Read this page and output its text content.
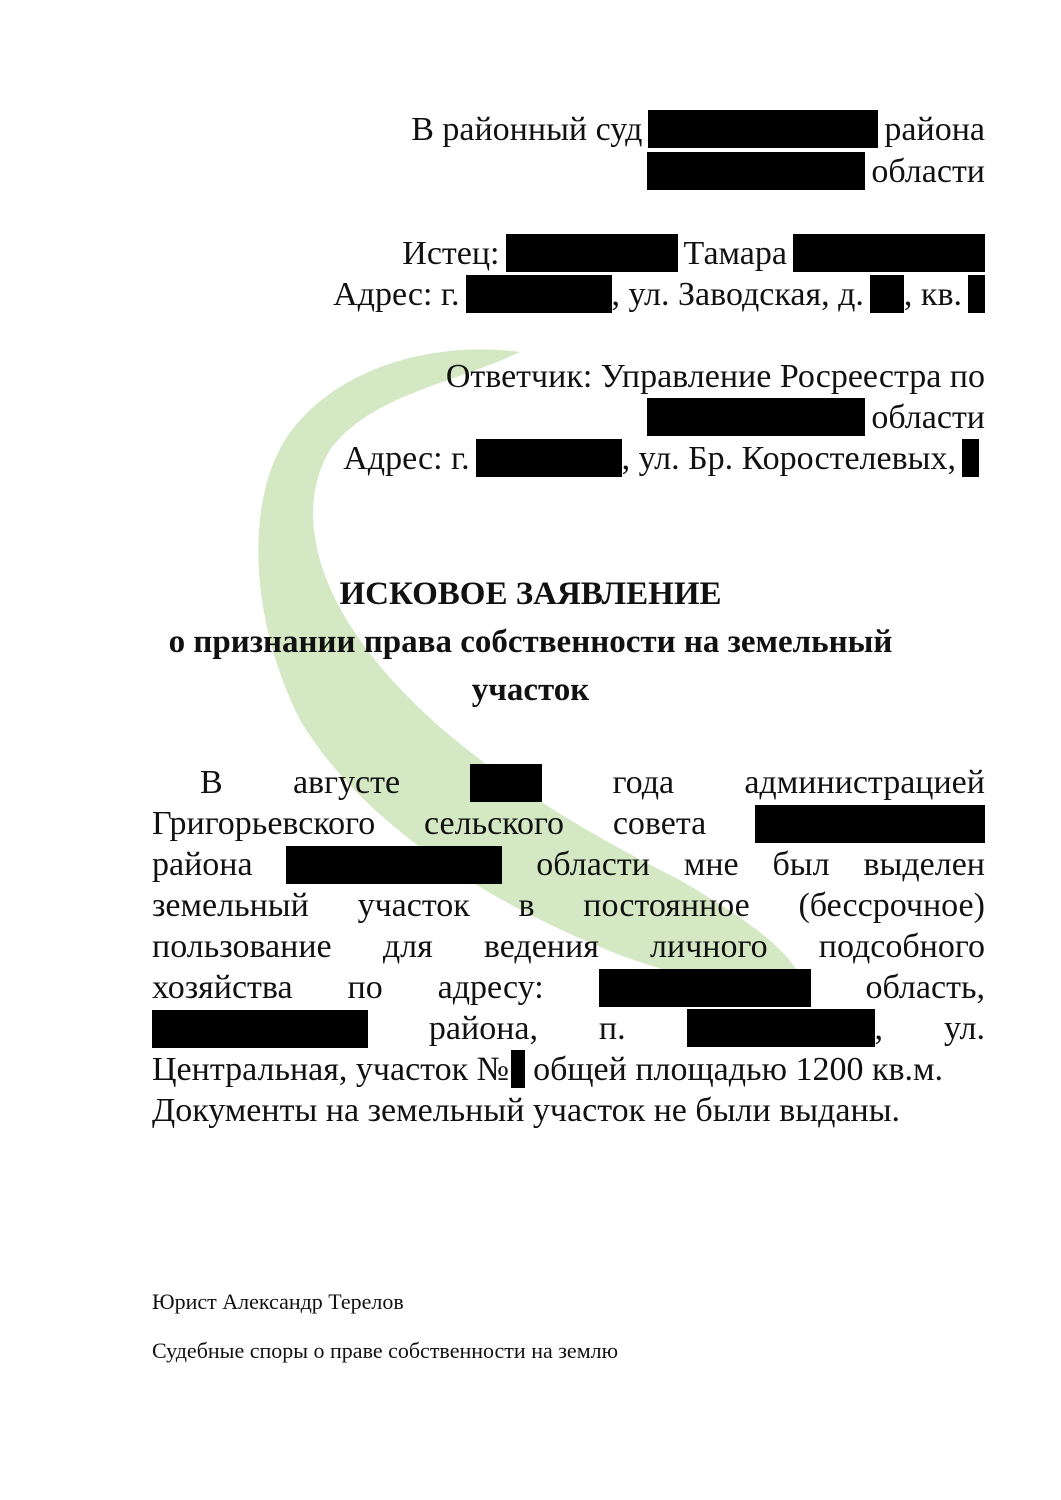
В районный суд	района
области
Истец:	Тамара
Адрес: г.	, ул. Заводская, д. , кв.
Ответчик: Управление Росреестра по
области
Адрес: г.	, ул. Бр. Коростелевых,
ИСКОВОЕ ЗАЯВЛЕНИЕ
о признании права собственности на земельный
участок
В августе	года администрацией
Григорьевского сельского совета
района	области мне был выделен
земельный участок в постоянное (бессрочное)
пользование для ведения личного подсобного
хозяйства по адресу:	область,
района, п.	, ул.
Центральная, участок № общей площадью 1200 кв.м.
Документы на земельный участок не были выданы.
Юрист Александр Терелов
Судебные споры о праве собственности на землю
